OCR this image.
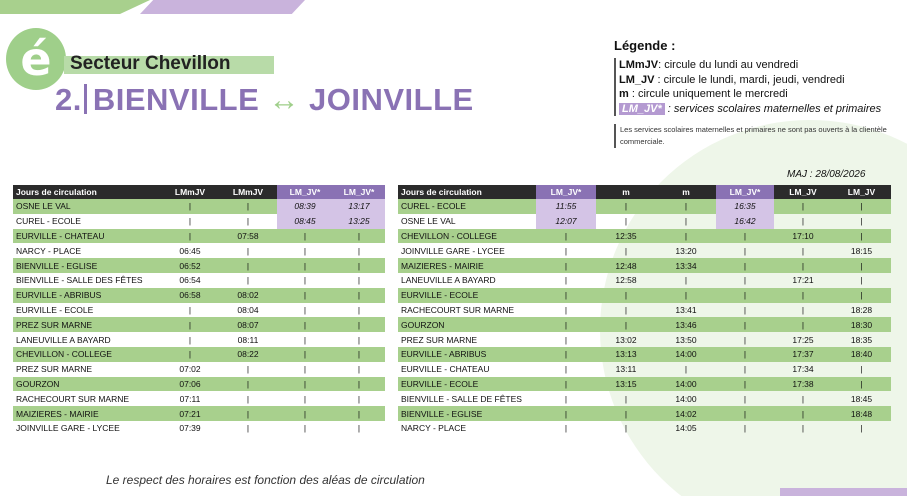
é Secteur Chevillon
2. BIENVILLE ↔ JOINVILLE
Légende :
LMmJV: circule du lundi au vendredi
LM_JV : circule le lundi, mardi, jeudi, vendredi
m : circule uniquement le mercredi
LM_JV* : services scolaires maternelles et primaires
Les services scolaires maternelles et primaires ne sont pas ouverts à la clientèle commerciale.
MAJ : 28/08/2026
Jours de circulation	LMmJV	LMmJV	LM_JV*	LM_JV*
OSNE LE VAL	|	|	08:39	13:17
CUREL - ECOLE	|	|	08:45	13:25
EURVILLE - CHATEAU	|	07:58	|	|
NARCY - PLACE	06:45	|	|	|
BIENVILLE - EGLISE	06:52	|	|	|
BIENVILLE - SALLE DES FÊTES	06:54	|	|	|
EURVILLE - ABRIBUS	06:58	08:02	|	|
EURVILLE - ECOLE	|	08:04	|	|
PREZ SUR MARNE	|	08:07	|	|
LANEUVILLE A BAYARD	|	08:11	|	|
CHEVILLON - COLLEGE	|	08:22	|	|
PREZ SUR MARNE	07:02	|	|	|
GOURZON	07:06	|	|	|
RACHECOURT SUR MARNE	07:11	|	|	|
MAIZIERES - MAIRIE	07:21	|	|	|
JOINVILLE GARE - LYCEE	07:39	|	|	|
Jours de circulation	LM_JV*	m	m	LM_JV*	LM_JV	LM_JV
CUREL - ECOLE	11:55	|	|	16:35	|	|
OSNE LE VAL	12:07	|	|	16:42	|	|
CHEVILLON - COLLEGE	|	12:35	|	|	17:10	|
JOINVILLE GARE - LYCEE	|	|	13:20	|	|	18:15
MAIZIERES - MAIRIE	|	12:48	13:34	|	|	|
LANEUVILLE A BAYARD	|	12:58	|	|	17:21	|
EURVILLE - ECOLE	|	|	|	|	|	|
RACHECOURT SUR MARNE	|	|	13:41	|	|	18:28
GOURZON	|	|	13:46	|	|	18:30
PREZ SUR MARNE	|	13:02	13:50	|	17:25	18:35
EURVILLE - ABRIBUS	|	13:13	14:00	|	17:37	18:40
EURVILLE - CHATEAU	|	13:11	|	|	17:34	|
EURVILLE - ECOLE	|	13:15	14:00	|	17:38	|
BIENVILLE - SALLE DE FÊTES	|	|	14:00	|	|	18:45
BIENVILLE - EGLISE	|	|	14:02	|	|	18:48
NARCY - PLACE	|	|	14:05	|	|	|
Le respect des horaires est fonction des aléas de circulation
